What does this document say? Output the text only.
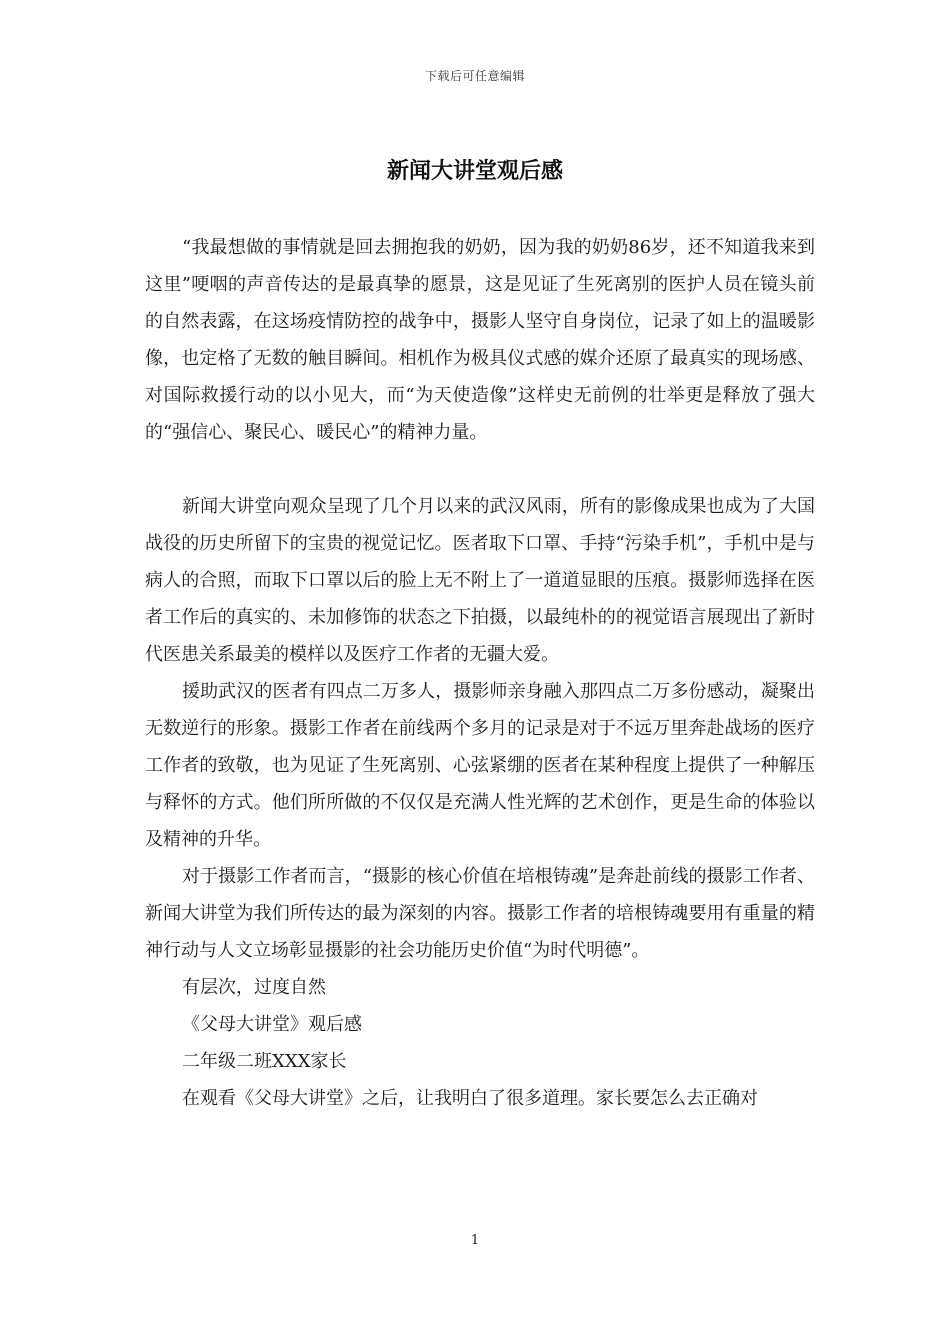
下载后可任意编辑
新闻大讲堂观后感

“我最想做的事情就是回去拥抱我的奶奶，因为我的奶奶86岁，还不知道我来到这里”哽咽的声音传达的是最真挚的愿景，这是见证了生死离别的医护人员在镜头前的自然表露，在这场疫情防控的战争中，摄影人坚守自身岗位，记录了如上的温暖影像，也定格了无数的触目瞬间。相机作为极具仪式感的媒介还原了最真实的现场感、对国际救援行动的以小见大，而“为天使造像”这样史无前例的壮举更是释放了强大的“强信心、聚民心、暖民心”的精神力量。

新闻大讲堂向观众呈现了几个月以来的武汉风雨，所有的影像成果也成为了大国战役的历史所留下的宝贵的视觉记忆。医者取下口罩、手持“污染手机”，手机中是与病人的合照，而取下口罩以后的脸上无不附上了一道道显眼的压痕。摄影师选择在医者工作后的真实的、未加修饰的状态之下拍摄，以最纯朴的的视觉语言展现出了新时代医患关系最美的模样以及医疗工作者的无疆大爱。

援助武汉的医者有四点二万多人，摄影师亲身融入那四点二万多份感动，凝聚出无数逆行的形象。摄影工作者在前线两个多月的记录是对于不远万里奔赴战场的医疗工作者的致敬，也为见证了生死离别、心弦紧绷的医者在某种程度上提供了一种解压与释怀的方式。他们所所做的不仅仅是充满人性光辉的艺术创作，更是生命的体验以及精神的升华。

对于摄影工作者而言，“摄影的核心价值在培根铸魂”是奔赴前线的摄影工作者、新闻大讲堂为我们所传达的最为深刻的内容。摄影工作者的培根铸魂要用有重量的精神行动与人文立场彰显摄影的社会功能历史价值“为时代明德”。

有层次，过度自然

《父母大讲堂》观后感

二年级二班XXX家长

在观看《父母大讲堂》之后，让我明白了很多道理。家长要怎么去正确对

1
